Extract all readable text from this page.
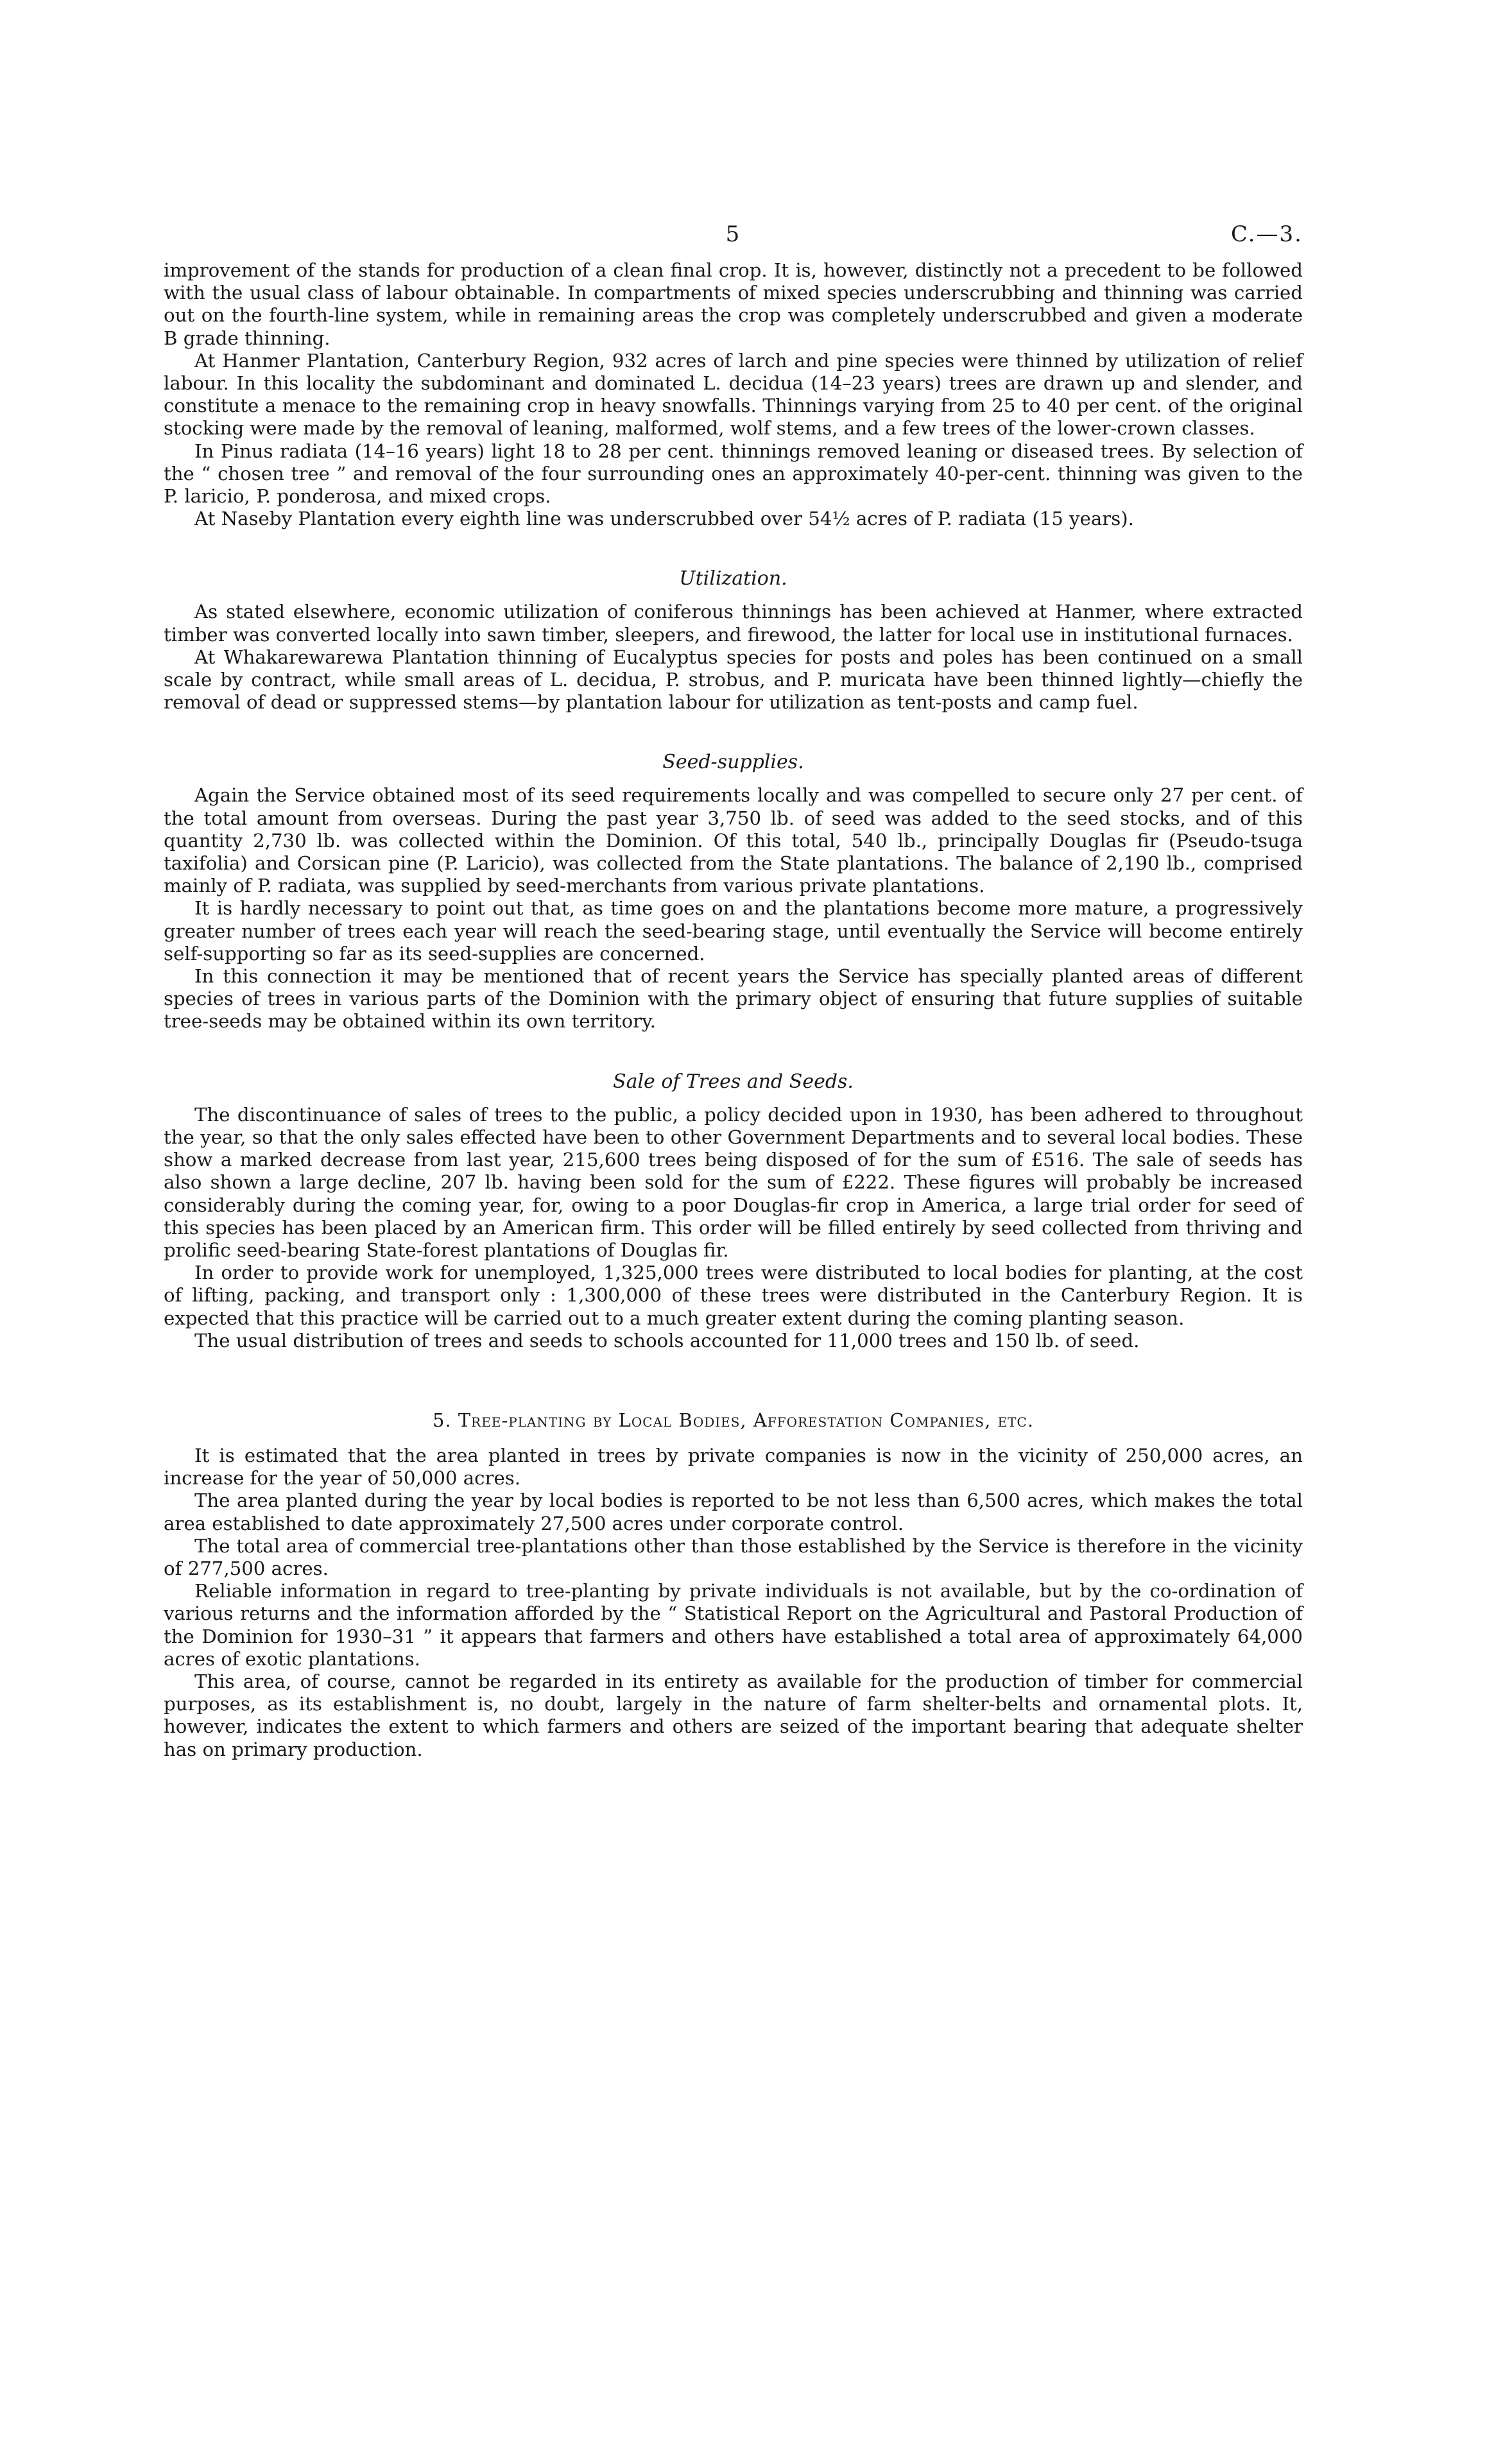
5	C.—3.

improvement of the stands for production of a clean final crop. It is, however, distinctly not a precedent to be followed with the usual class of labour obtainable. In compartments of mixed species underscrubbing and thinning was carried out on the fourth-line system, while in remaining areas the crop was completely underscrubbed and given a moderate B grade thinning.

At Hanmer Plantation, Canterbury Region, 932 acres of larch and pine species were thinned by utilization of relief labour. In this locality the subdominant and dominated L. decidua (14–23 years) trees are drawn up and slender, and constitute a menace to the remaining crop in heavy snowfalls. Thinnings varying from 25 to 40 per cent. of the original stocking were made by the removal of leaning, malformed, wolf stems, and a few trees of the lower-crown classes.

In Pinus radiata (14–16 years) light 18 to 28 per cent. thinnings removed leaning or diseased trees. By selection of the “ chosen tree ” and removal of the four surrounding ones an approximately 40-per-cent. thinning was given to the P. laricio, P. ponderosa, and mixed crops.

At Naseby Plantation every eighth line was underscrubbed over 54½ acres of P. radiata (15 years).

Utilization.

As stated elsewhere, economic utilization of coniferous thinnings has been achieved at Hanmer, where extracted timber was converted locally into sawn timber, sleepers, and firewood, the latter for local use in institutional furnaces.

At Whakarewarewa Plantation thinning of Eucalyptus species for posts and poles has been continued on a small scale by contract, while small areas of L. decidua, P. strobus, and P. muricata have been thinned lightly—chiefly the removal of dead or suppressed stems—by plantation labour for utilization as tent-posts and camp fuel.

Seed-supplies.

Again the Service obtained most of its seed requirements locally and was compelled to secure only 27 per cent. of the total amount from overseas. During the past year 3,750 lb. of seed was added to the seed stocks, and of this quantity 2,730 lb. was collected within the Dominion. Of this total, 540 lb., principally Douglas fir (Pseudo-tsuga taxifolia) and Corsican pine (P. Laricio), was collected from the State plantations. The balance of 2,190 lb., comprised mainly of P. radiata, was supplied by seed-merchants from various private plantations.

It is hardly necessary to point out that, as time goes on and the plantations become more mature, a progressively greater number of trees each year will reach the seed-bearing stage, until eventually the Service will become entirely self-supporting so far as its seed-supplies are concerned.

In this connection it may be mentioned that of recent years the Service has specially planted areas of different species of trees in various parts of the Dominion with the primary object of ensuring that future supplies of suitable tree-seeds may be obtained within its own territory.

Sale of Trees and Seeds.

The discontinuance of sales of trees to the public, a policy decided upon in 1930, has been adhered to throughout the year, so that the only sales effected have been to other Government Departments and to several local bodies. These show a marked decrease from last year, 215,600 trees being disposed of for the sum of £516. The sale of seeds has also shown a large decline, 207 lb. having been sold for the sum of £222. These figures will probably be increased considerably during the coming year, for, owing to a poor Douglas-fir crop in America, a large trial order for seed of this species has been placed by an American firm. This order will be filled entirely by seed collected from thriving and prolific seed-bearing State-forest plantations of Douglas fir.

In order to provide work for unemployed, 1,325,000 trees were distributed to local bodies for planting, at the cost of lifting, packing, and transport only : 1,300,000 of these trees were distributed in the Canterbury Region. It is expected that this practice will be carried out to a much greater extent during the coming planting season.

The usual distribution of trees and seeds to schools accounted for 11,000 trees and 150 lb. of seed.

5. Tree-planting by Local Bodies, Afforestation Companies, etc.

It is estimated that the area planted in trees by private companies is now in the vicinity of 250,000 acres, an increase for the year of 50,000 acres.

The area planted during the year by local bodies is reported to be not less than 6,500 acres, which makes the total area established to date approximately 27,500 acres under corporate control.

The total area of commercial tree-plantations other than those established by the Service is therefore in the vicinity of 277,500 acres.

Reliable information in regard to tree-planting by private individuals is not available, but by the co-ordination of various returns and the information afforded by the “ Statistical Report on the Agricultural and Pastoral Production of the Dominion for 1930–31 ” it appears that farmers and others have established a total area of approximately 64,000 acres of exotic plantations.

This area, of course, cannot be regarded in its entirety as available for the production of timber for commercial purposes, as its establishment is, no doubt, largely in the nature of farm shelter-belts and ornamental plots. It, however, indicates the extent to which farmers and others are seized of the important bearing that adequate shelter has on primary production.
